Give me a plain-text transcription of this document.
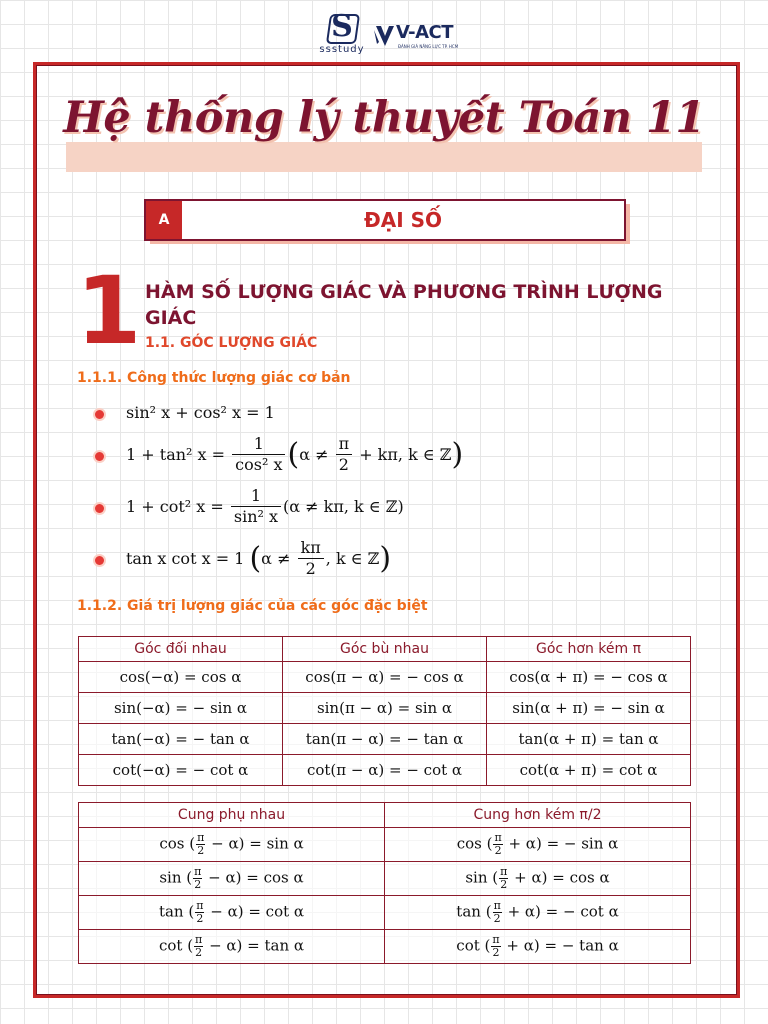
S
ssstudy
V-ACT
ĐÁNH GIÁ NĂNG LỰC TP. HCM
Hệ thống lý thuyết Toán 11
A	ĐẠI SỐ
1 HÀM SỐ LƯỢNG GIÁC VÀ PHƯƠNG TRÌNH LƯỢNG GIÁC
1.1. GÓC LƯỢNG GIÁC
1.1.1. Công thức lượng giác cơ bản
sin² x + cos² x = 1
1 + tan² $x = \frac{1}{\text{cos² x}} (\alpha \ne \frac{\pi}{2} + k\pi$, k ∈ ℤ)
1 + cot² $x = \frac{1}{\text{sin² x}} (\alpha \ne k\pi$, k ∈ ℤ)
tan x cot x = 1 ($\alpha \ne \frac{k\pi}{2}$ , k ∈ ℤ)
1.1.2. Giá trị lượng giác của các góc đặc biệt
Góc đối nhau	Góc bù nhau	Góc hơn kém π
cos(−α) = cos α	cos(π − α) = − cos α	cos(α + π) = − cos α
sin(−α) = − sin α	sin(π − α) = sin α	sin(α + π) = − sin α
tan(−α) = − tan α	tan(π − α) = − tan α	tan(α + π) = tan α
cot(−α) = − cot α	cot(π − α) = − cot α	cot(α + π) = cot α
Cung phụ nhau	Cung hơn kém π/2
cos ( $\frac{\pi}{2} - \alpha) = \sin \alpha$	cos ( $\frac{\pi}{2} + \alpha$) = − sin α
sin ( $\frac{\pi}{2} - \alpha) = \cos \alpha$	sin ( $\frac{\pi}{2} + \alpha) = \cos \alpha$
tan ( $\frac{\pi}{2} - \alpha) = \cot \alpha$	tan ( $\frac{\pi}{2} + \alpha$) = − cot α
cot ( $\frac{\pi}{2} - \alpha) = \tan \alpha$	cot ( $\frac{\pi}{2} + \alpha$) = − tan α
